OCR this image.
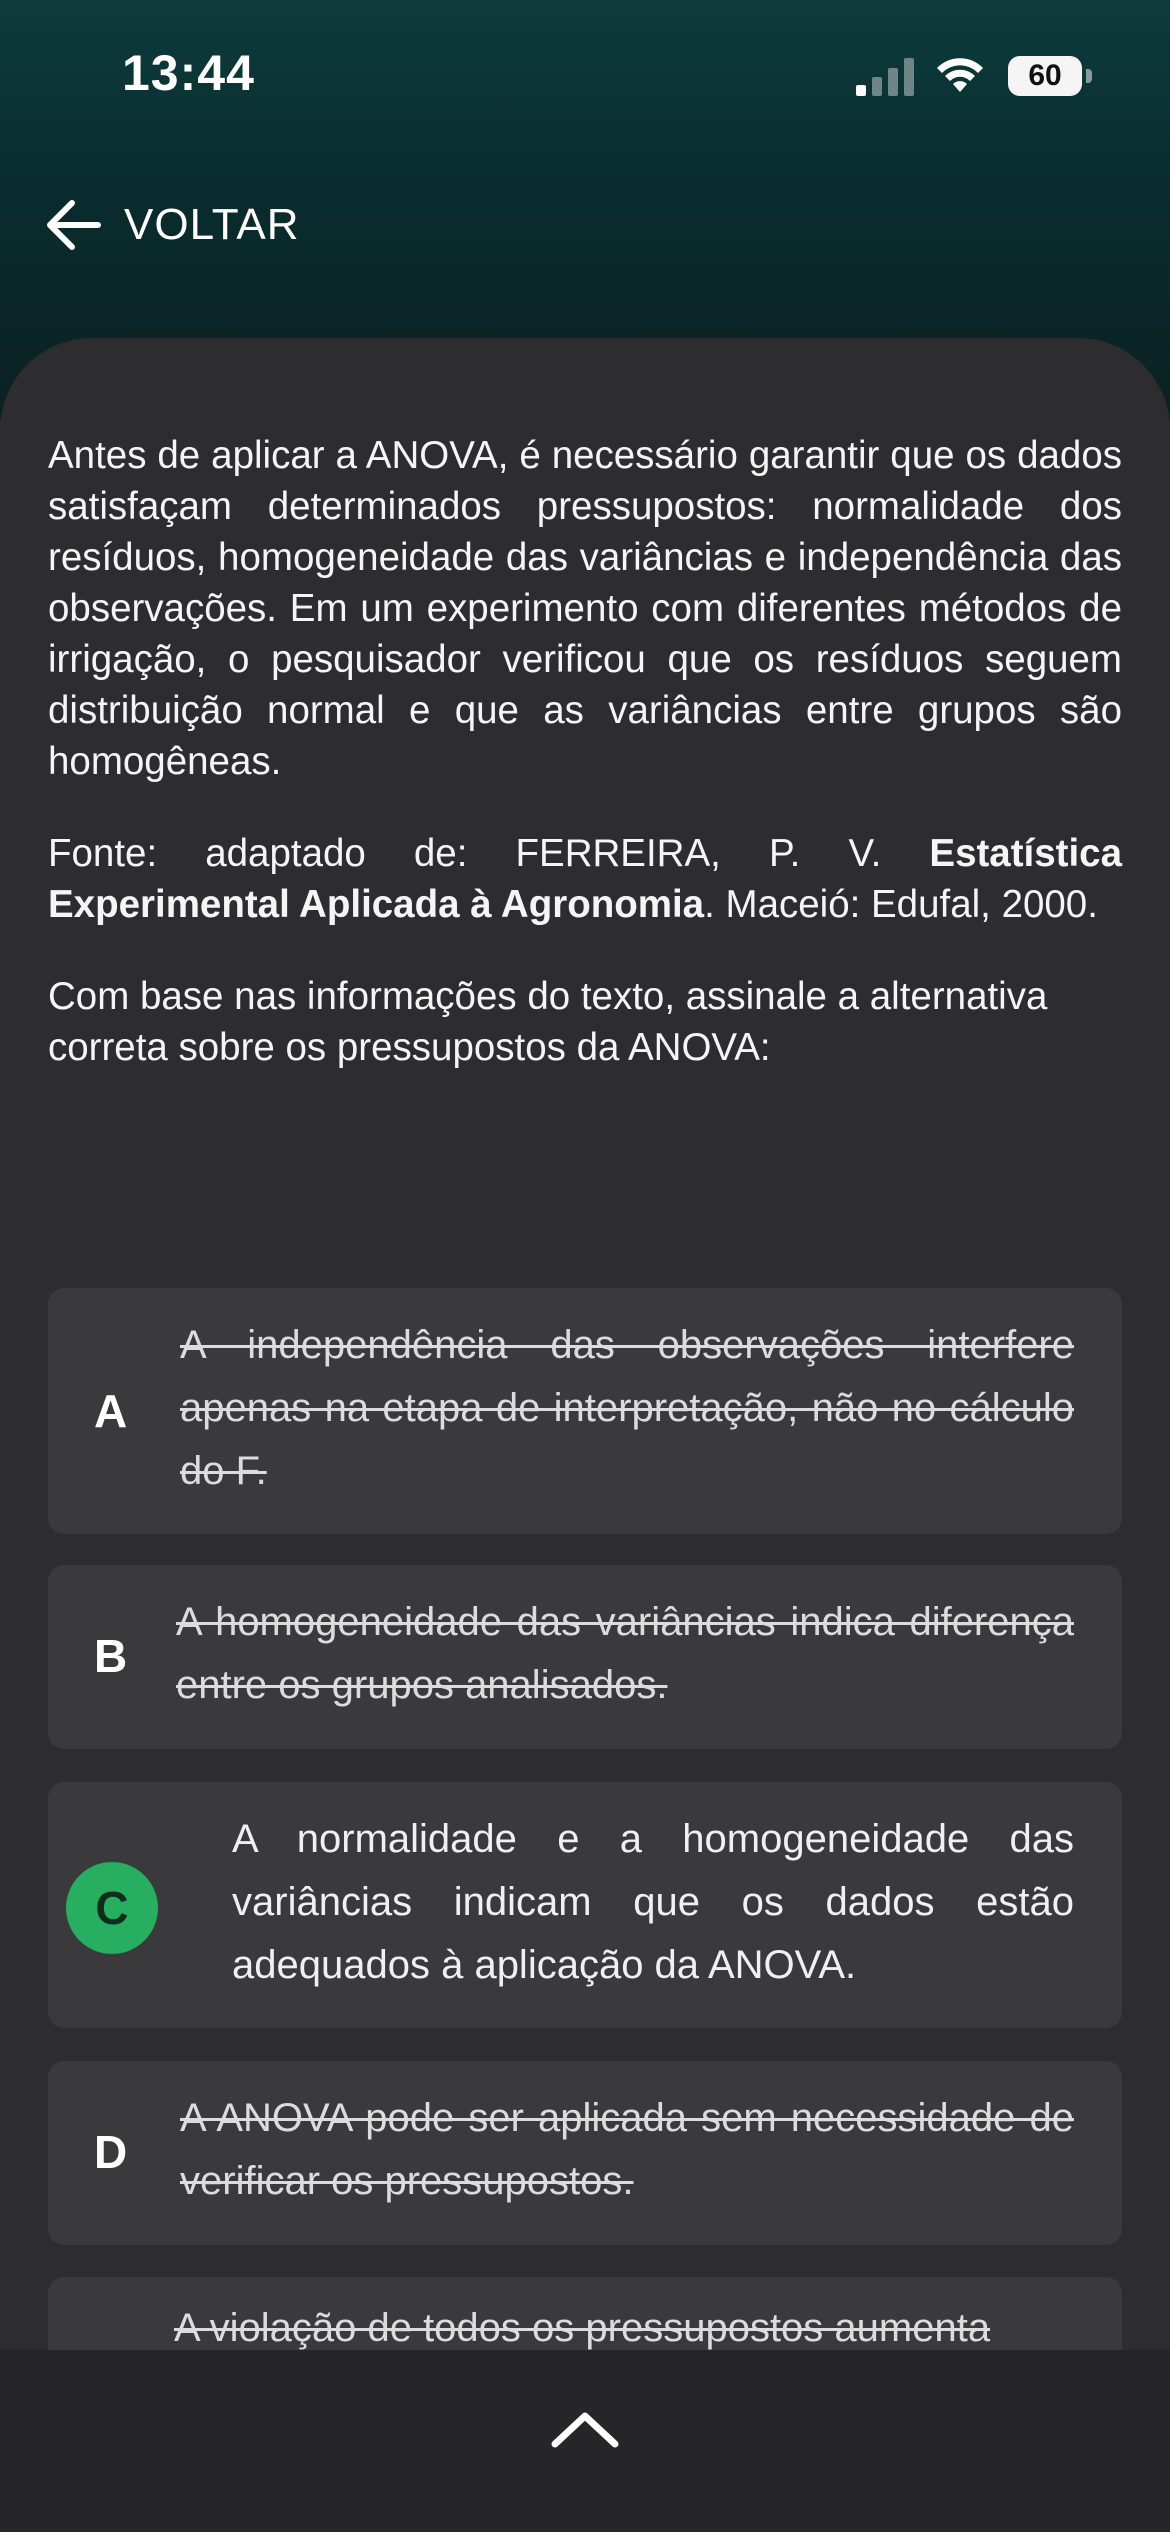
13:44	60
VOLTAR

Antes de aplicar a ANOVA, é necessário garantir que os dados satisfaçam determinados pressupostos: normalidade dos resíduos, homogeneidade das variâncias e independência das observações. Em um experimento com diferentes métodos de irrigação, o pesquisador verificou que os resíduos seguem distribuição normal e que as variâncias entre grupos são homogêneas.

Fonte: adaptado de: FERREIRA, P. V. Estatística Experimental Aplicada à Agronomia. Maceió: Edufal, 2000.

Com base nas informações do texto, assinale a alternativa correta sobre os pressupostos da ANOVA:

A
A independência das observações interfere apenas na etapa de interpretação, não no cálculo do F.
B
A homogeneidade das variâncias indica diferença entre os grupos analisados.
C
A normalidade e a homogeneidade das variâncias indicam que os dados estão adequados à aplicação da ANOVA.
D
A ANOVA pode ser aplicada sem necessidade de verificar os pressupostos.
A violação de todos os pressupostos aumenta
